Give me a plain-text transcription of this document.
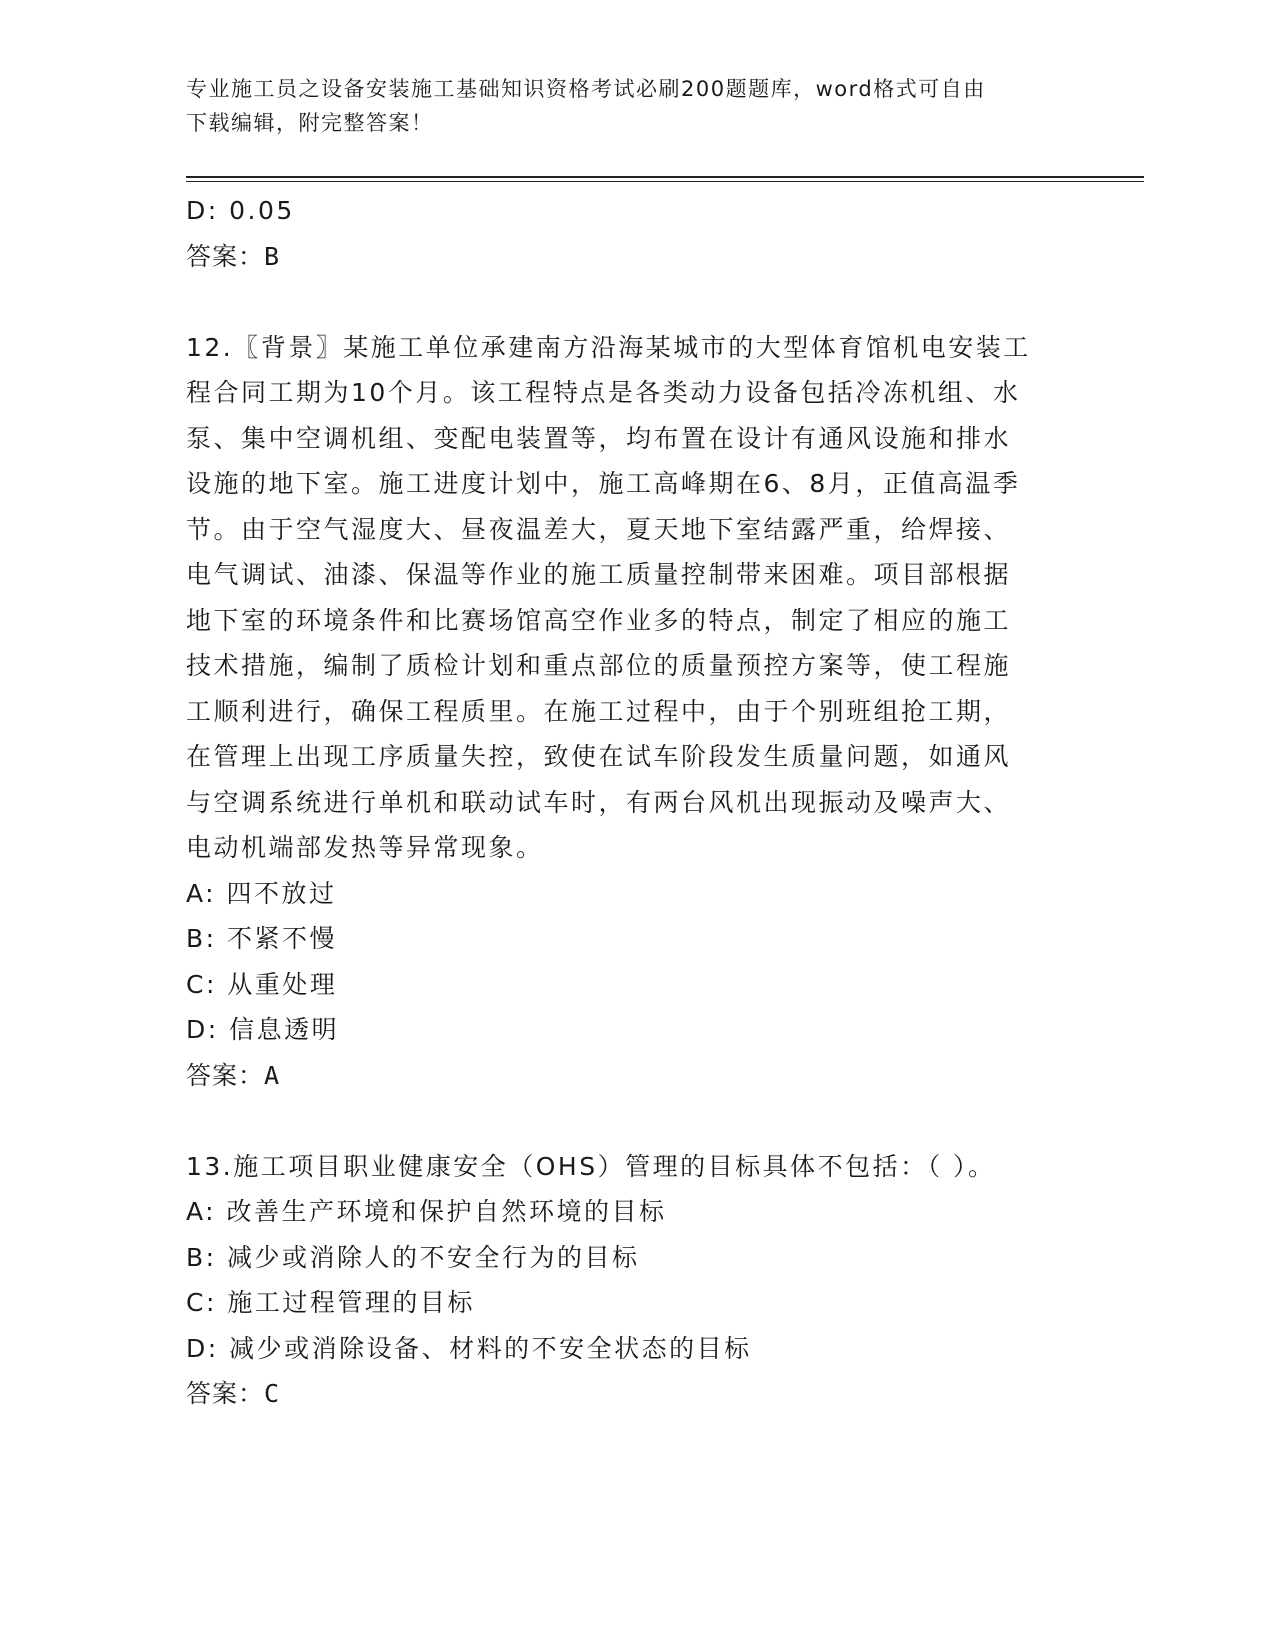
专业施工员之设备安装施工基础知识资格考试必刷200题题库，word格式可自由
下载编辑，附完整答案！
D: 0.05
答案：B
12.〖背景〗某施工单位承建南方沿海某城市的大型体育馆机电安装工
程合同工期为10个月。该工程特点是各类动力设备包括冷冻机组、水
泵、集中空调机组、变配电装置等，均布置在设计有通风设施和排水
设施的地下室。施工进度计划中，施工高峰期在6、8月，正值高温季
节。由于空气湿度大、昼夜温差大，夏天地下室结露严重，给焊接、
电气调试、油漆、保温等作业的施工质量控制带来困难。项目部根据
地下室的环境条件和比赛场馆高空作业多的特点，制定了相应的施工
技术措施，编制了质检计划和重点部位的质量预控方案等，使工程施
工顺利进行，确保工程质里。在施工过程中，由于个别班组抢工期，
在管理上出现工序质量失控，致使在试车阶段发生质量问题，如通风
与空调系统进行单机和联动试车时，有两台风机出现振动及噪声大、
电动机端部发热等异常现象。
A: 四不放过
B: 不紧不慢
C: 从重处理
D: 信息透明
答案：A
13.施工项目职业健康安全（OHS）管理的目标具体不包括：（ ）。
A: 改善生产环境和保护自然环境的目标
B: 减少或消除人的不安全行为的目标
C: 施工过程管理的目标
D: 减少或消除设备、材料的不安全状态的目标
答案：C
